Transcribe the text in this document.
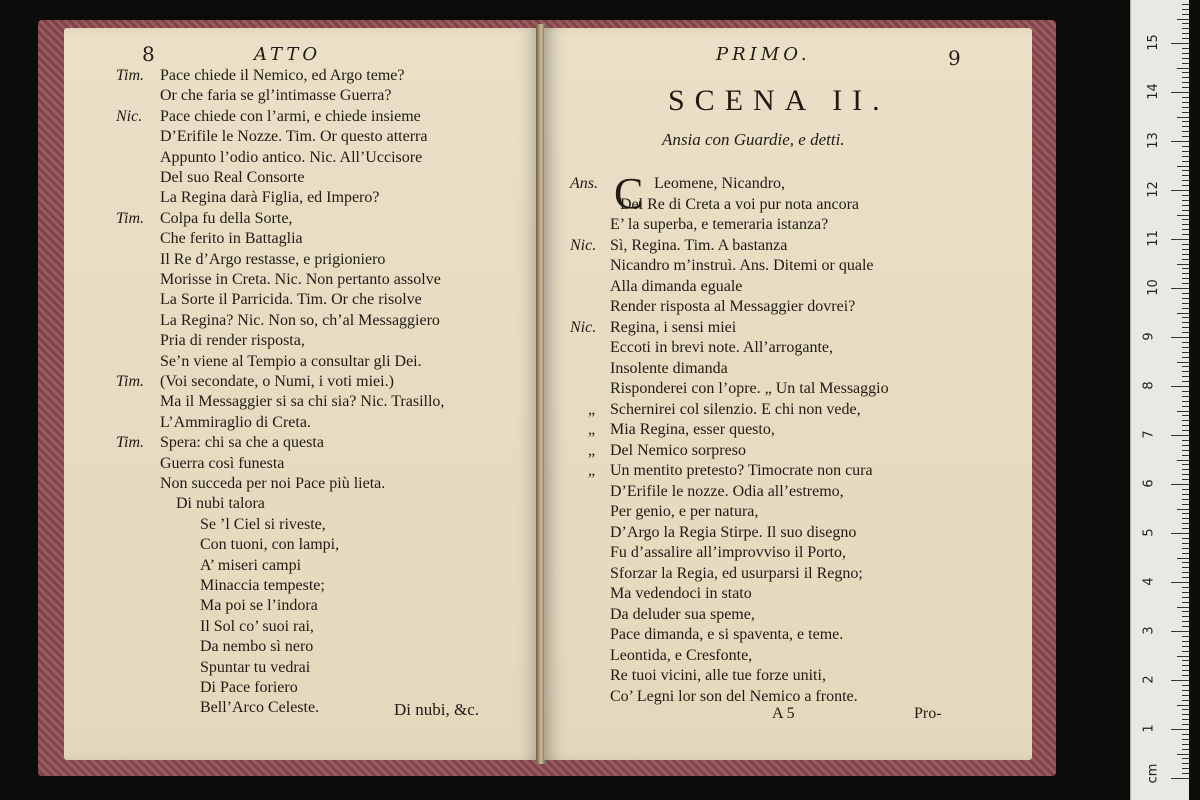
8	ATTO
Tim. Pace chiede il Nemico, ed Argo teme?
Or che faria se gl’intimasse Guerra?
Nic. Pace chiede con l’armi, e chiede insieme
D’Erifile le Nozze. Tim. Or questo atterra
Appunto l’odio antico. Nic. All’Uccisore
Del suo Real Consorte
La Regina darà Figlia, ed Impero?
Tim. Colpa fu della Sorte,
Che ferito in Battaglia
Il Re d’Argo restasse, e prigioniero
Morisse in Creta. Nic. Non pertanto assolve
La Sorte il Parricida. Tim. Or che risolve
La Regina? Nic. Non so, ch’al Messaggiero
Pria di render risposta,
Se’n viene al Tempio a consultar gli Dei.
Tim. (Voi secondate, o Numi, i voti miei.)
Ma il Messaggier si sa chi sia? Nic. Trasillo,
L’Ammiraglio di Creta.
Tim. Spera: chi sa che a questa
Guerra così funesta
Non succeda per noi Pace più lieta.
Di nubi talora
Se ’l Ciel si riveste,
Con tuoni, con lampi,
A’ miseri campi
Minaccia tempeste;
Ma poi se l’indora
Il Sol co’ suoi rai,
Da nembo sì nero
Spuntar tu vedrai
Di Pace foriero
Bell’Arco Celeste.	Di nubi, &c.
PRIMO.	9
SCENA II.
Ansia con Guardie, e detti.
C
Ans.	Leomene, Nicandro,
Del Re di Creta a voi pur nota ancora
E’ la superba, e temeraria istanza?
Nic. Sì, Regina. Tim. A bastanza
Nicandro m’instruì. Ans. Ditemi or quale
Alla dimanda eguale
Render risposta al Messaggier dovrei?
Nic. Regina, i sensi miei
Eccoti in brevi note. All’arrogante,
Insolente dimanda
Risponderei con l’opre. „ Un tal Messaggio
„ Schernirei col silenzio. E chi non vede,
„ Mia Regina, esser questo,
„ Del Nemico sorpreso
„ Un mentito pretesto? Timocrate non cura
D’Erifile le nozze. Odia all’estremo,
Per genio, e per natura,
D’Argo la Regia Stirpe. Il suo disegno
Fu d’assalire all’improvviso il Porto,
Sforzar la Regia, ed usurparsi il Regno;
Ma vedendoci in stato
Da deluder sua speme,
Pace dimanda, e si spaventa, e teme.
Leontida, e Cresfonte,
Re tuoi vicini, alle tue forze uniti,
Co’ Legni lor son del Nemico a fronte.
A 5	Pro-
cm
15
14
13
12
11
10
9
8
7
6
5
4
3
2
1
